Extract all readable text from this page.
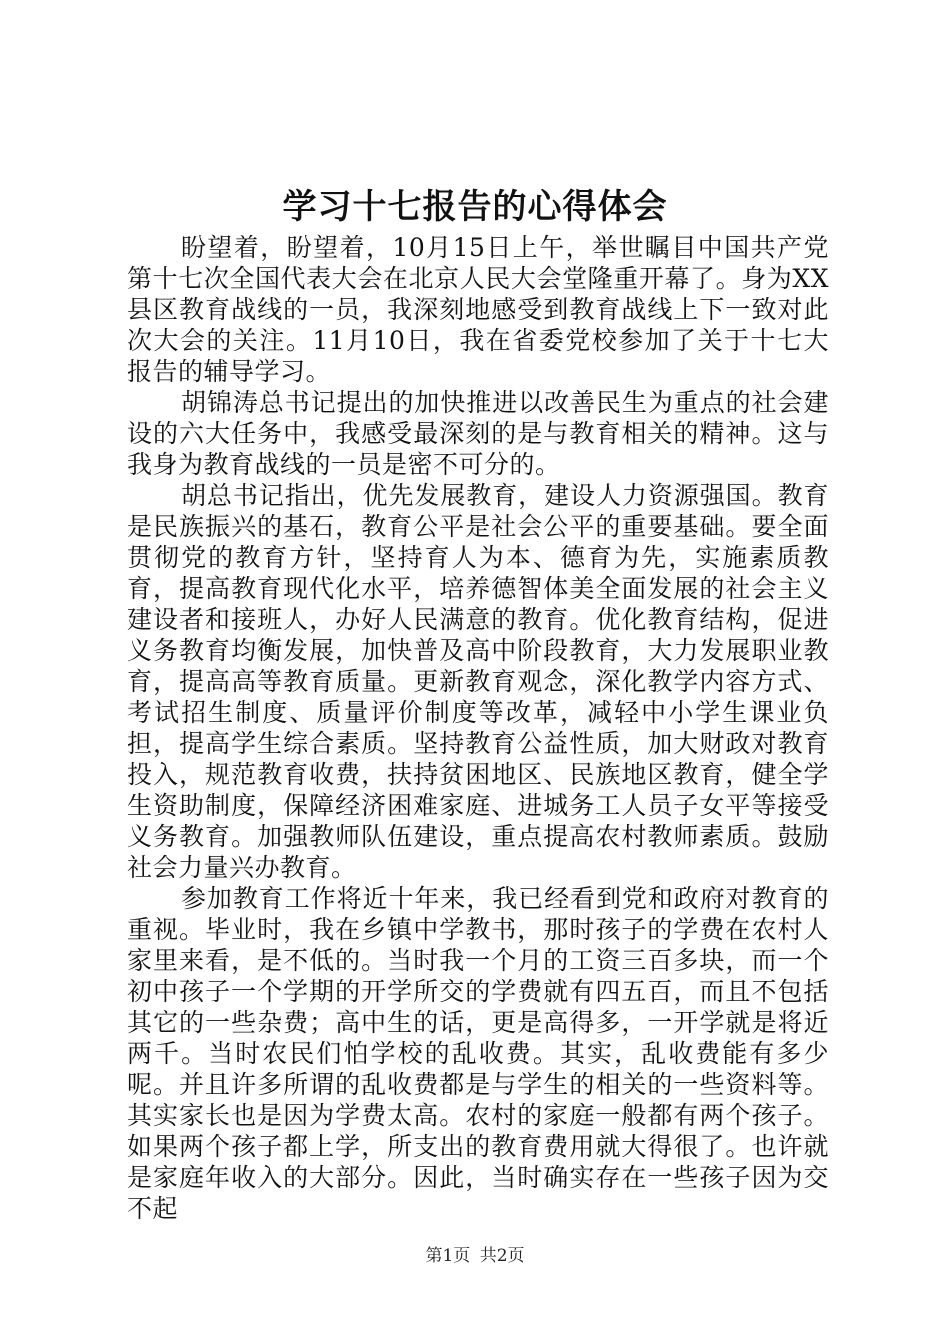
学习十七报告的心得体会

盼望着，盼望着，10月15日上午，举世瞩目中国共产党第十七次全国代表大会在北京人民大会堂隆重开幕了。身为XX县区教育战线的一员，我深刻地感受到教育战线上下一致对此次大会的关注。11月10日，我在省委党校参加了关于十七大报告的辅导学习。

胡锦涛总书记提出的加快推进以改善民生为重点的社会建设的六大任务中，我感受最深刻的是与教育相关的精神。这与我身为教育战线的一员是密不可分的。

胡总书记指出，优先发展教育，建设人力资源强国。教育是民族振兴的基石，教育公平是社会公平的重要基础。要全面贯彻党的教育方针，坚持育人为本、德育为先，实施素质教育，提高教育现代化水平，培养德智体美全面发展的社会主义建设者和接班人，办好人民满意的教育。优化教育结构，促进义务教育均衡发展，加快普及高中阶段教育，大力发展职业教育，提高高等教育质量。更新教育观念，深化教学内容方式、考试招生制度、质量评价制度等改革，减轻中小学生课业负担，提高学生综合素质。坚持教育公益性质，加大财政对教育投入，规范教育收费，扶持贫困地区、民族地区教育，健全学生资助制度，保障经济困难家庭、进城务工人员子女平等接受义务教育。加强教师队伍建设，重点提高农村教师素质。鼓励社会力量兴办教育。

参加教育工作将近十年来，我已经看到党和政府对教育的重视。毕业时，我在乡镇中学教书，那时孩子的学费在农村人家里来看，是不低的。当时我一个月的工资三百多块，而一个初中孩子一个学期的开学所交的学费就有四五百，而且不包括其它的一些杂费；高中生的话，更是高得多，一开学就是将近两千。当时农民们怕学校的乱收费。其实，乱收费能有多少呢。并且许多所谓的乱收费都是与学生的相关的一些资料等。其实家长也是因为学费太高。农村的家庭一般都有两个孩子。如果两个孩子都上学，所支出的教育费用就大得很了。也许就是家庭年收入的大部分。因此，当时确实存在一些孩子因为交不起

第1页 共2页
